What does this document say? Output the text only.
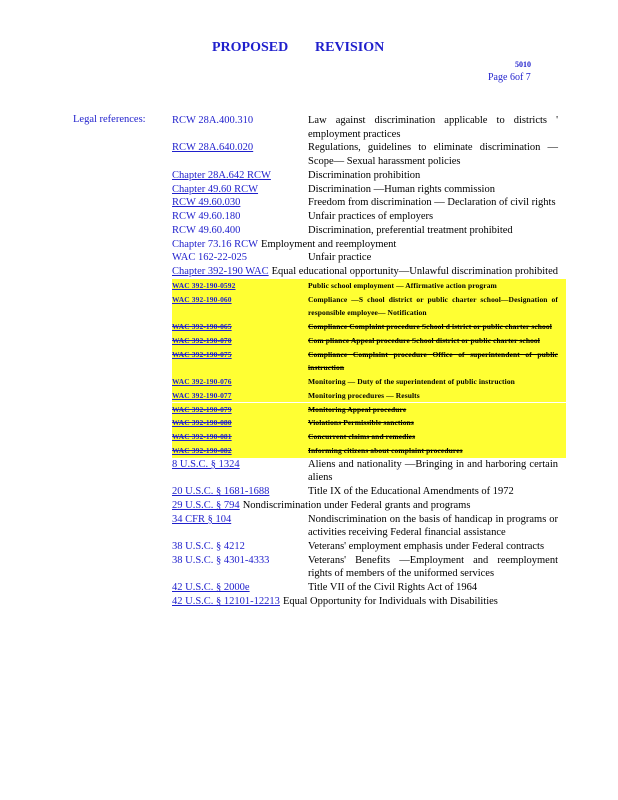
PROPOSED REVISION
5010
Page 6of 7
Legal references:	RCW 28A.400.310	Law against discrimination applicable to districts ' employment practices
RCW 28A.640.020	Regulations, guidelines to eliminate discrimination — Scope— Sexual harassment policies
Chapter 28A.642 RCW	Discrimination prohibition
Chapter 49.60 RCW	Discrimination —Human rights commission
RCW 49.60.030	Freedom from discrimination — Declaration of civil rights
RCW 49.60.180	Unfair practices of employers
RCW 49.60.400	Discrimination, preferential treatment prohibited
Chapter 73.16 RCW Employment and reemployment
WAC 162-22-025	Unfair practice
Chapter 392-190 WAC Equal educational opportunity—Unlawful discrimination prohibited
WAC 392-190-0592	Public school employment — Affirmative action program
WAC 392-190-060	Compliance —S chool district or public charter school—Designation of responsible employee— Notification
WAC 392-190-065	Compliance Complaint procedure School d istrict or public charter school
WAC 392-190-070	Com pliance Appeal procedure School district or public charter school
WAC 392-190-075	Compliance Complaint procedure Office of superintendent of public instruction
WAC 392-190-076	Monitoring — Duty of the superintendent of public instruction
WAC 392-190-077	Monitoring procedures — Results
WAC 392-190-079	Monitoring Appeal procedure
WAC 392-190-080	Violations Permissible sanctions
WAC 392-190-081	Concurrent claims and remedies
WAC 392-190-082	Informing citizens about complaint procedures
8 U.S.C. § 1324	Aliens and nationality —Bringing in and harboring certain aliens
20 U.S.C. § 1681-1688	Title IX of the Educational Amendments of 1972
29 U.S.C. § 794 Nondiscrimination under Federal grants and programs
34 CFR § 104	Nondiscrimination on the basis of handicap in programs or activities receiving Federal financial assistance
38 U.S.C. § 4212	Veterans' employment emphasis under Federal contracts
38 U.S.C. § 4301-4333	Veterans' Benefits —Employment and reemployment rights of members of the uniformed services
42 U.S.C. § 2000e	Title VII of the Civil Rights Act of 1964
42 U.S.C. § 12101-12213 Equal Opportunity for Individuals with Disabilities
